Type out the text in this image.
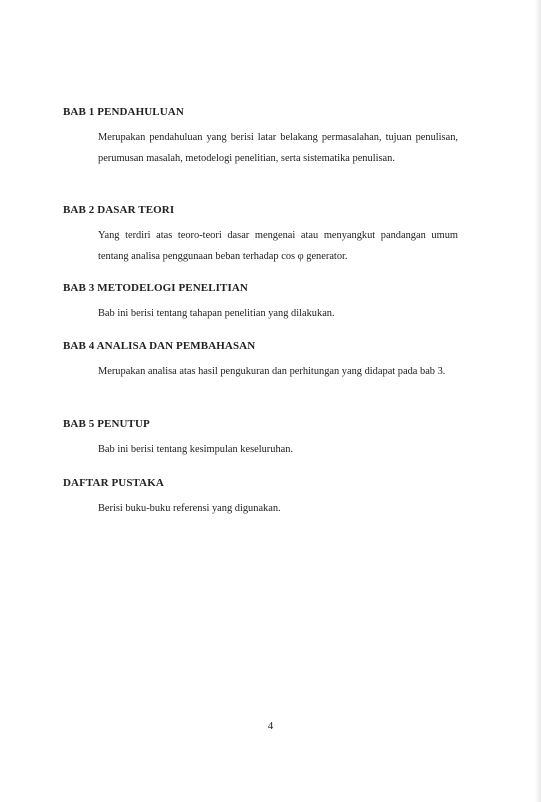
BAB 1 PENDAHULUAN

Merupakan pendahuluan yang berisi latar belakang permasalahan, tujuan penulisan, perumusan masalah, metodelogi penelitian, serta sistematika penulisan.

BAB 2 DASAR TEORI

Yang terdiri atas teoro-teori dasar mengenai atau menyangkut pandangan umum tentang analisa penggunaan beban terhadap cos φ generator.

BAB 3 METODELOGI PENELITIAN

Bab ini berisi tentang tahapan penelitian yang dilakukan.

BAB 4 ANALISA DAN PEMBAHASAN

Merupakan analisa atas hasil pengukuran dan perhitungan yang didapat pada bab 3.

BAB 5 PENUTUP

Bab ini berisi tentang kesimpulan keseluruhan.

DAFTAR PUSTAKA

Berisi buku-buku referensi yang digunakan.

4
